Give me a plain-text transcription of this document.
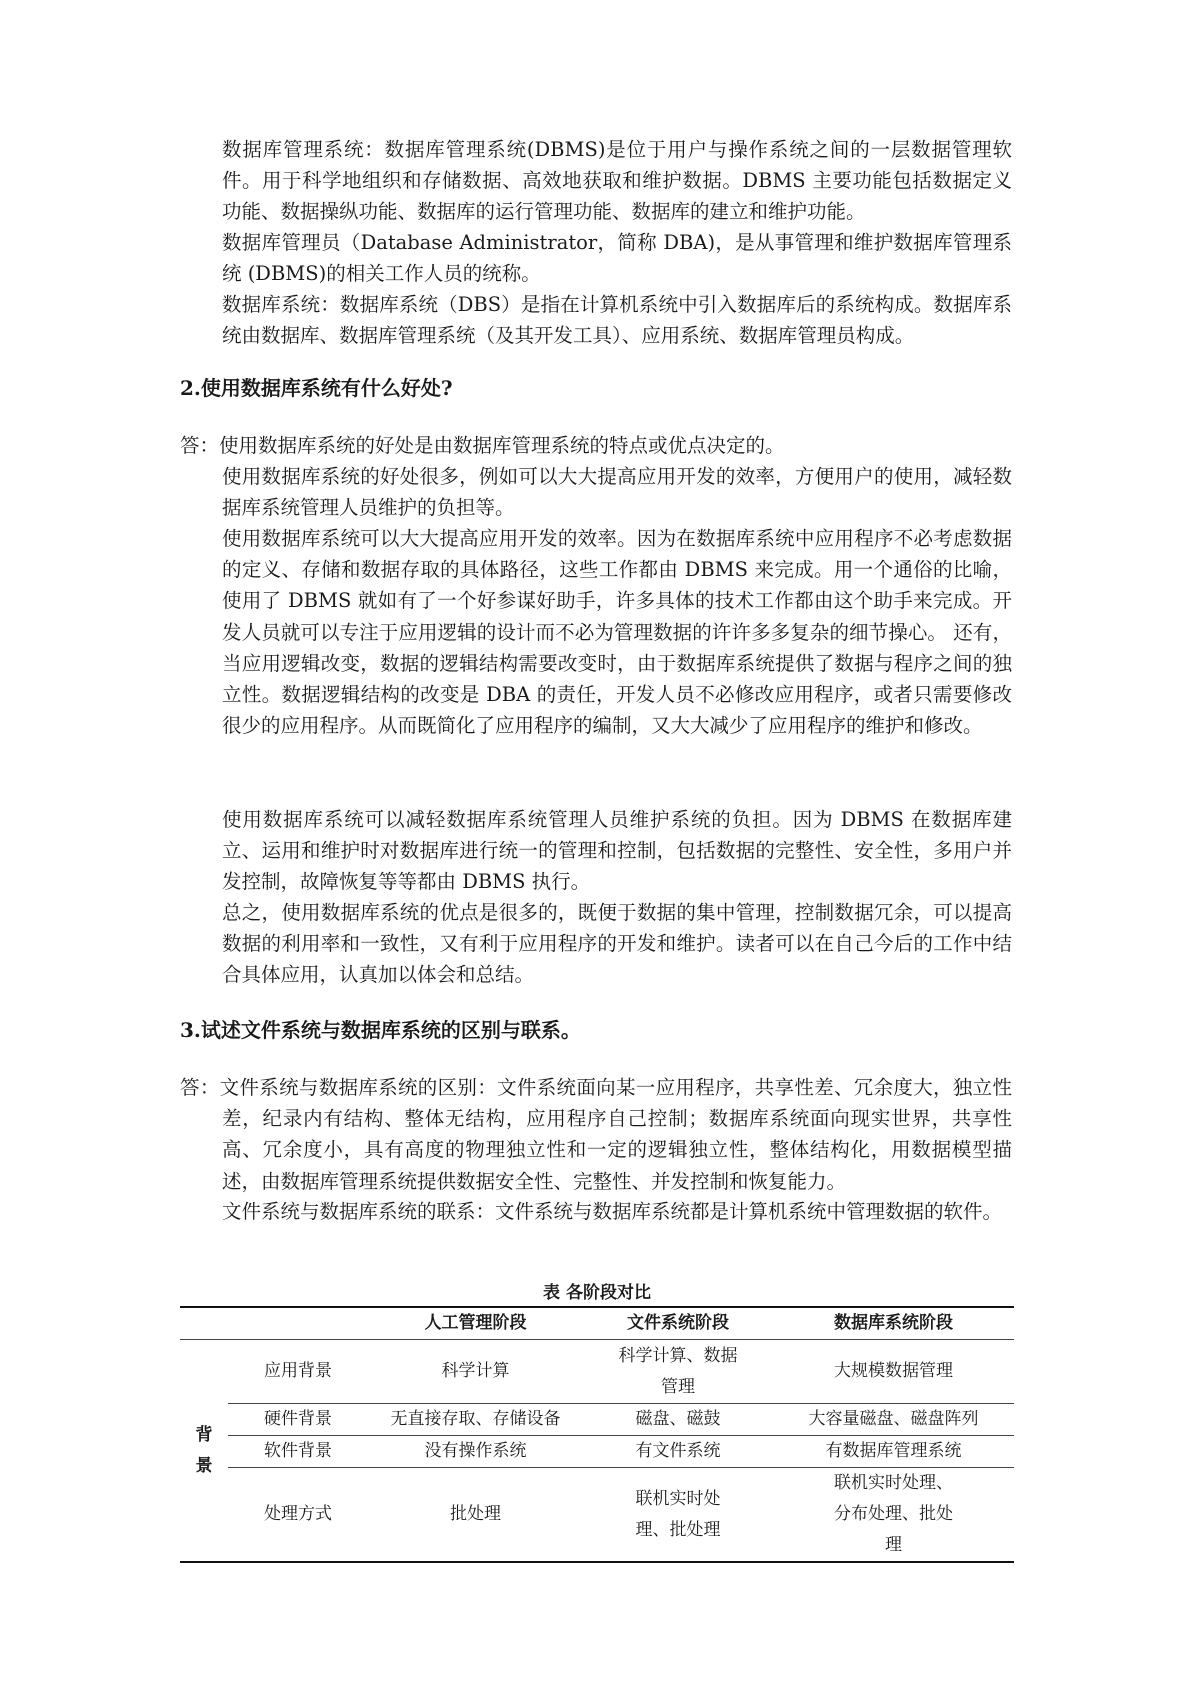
数据库管理系统：数据库管理系统(DBMS)是位于用户与操作系统之间的一层数据管理软件。用于科学地组织和存储数据、高效地获取和维护数据。DBMS 主要功能包括数据定义功能、数据操纵功能、数据库的运行管理功能、数据库的建立和维护功能。

数据库管理员（Database Administrator，简称 DBA)，是从事管理和维护数据库管理系统 (DBMS)的相关工作人员的统称。

数据库系统：数据库系统（DBS）是指在计算机系统中引入数据库后的系统构成。数据库系统由数据库、数据库管理系统（及其开发工具）、应用系统、数据库管理员构成。

2.使用数据库系统有什么好处?

答：使用数据库系统的好处是由数据库管理系统的特点或优点决定的。

使用数据库系统的好处很多，例如可以大大提高应用开发的效率，方便用户的使用，减轻数据库系统管理人员维护的负担等。

使用数据库系统可以大大提高应用开发的效率。因为在数据库系统中应用程序不必考虑数据的定义、存储和数据存取的具体路径，这些工作都由 DBMS 来完成。用一个通俗的比喻，使用了 DBMS 就如有了一个好参谋好助手，许多具体的技术工作都由这个助手来完成。开发人员就可以专注于应用逻辑的设计而不必为管理数据的许许多多复杂的细节操心。 还有，当应用逻辑改变，数据的逻辑结构需要改变时，由于数据库系统提供了数据与程序之间的独立性。数据逻辑结构的改变是 DBA 的责任，开发人员不必修改应用程序，或者只需要修改很少的应用程序。从而既简化了应用程序的编制，又大大减少了应用程序的维护和修改。

使用数据库系统可以减轻数据库系统管理人员维护系统的负担。因为 DBMS 在数据库建立、运用和维护时对数据库进行统一的管理和控制，包括数据的完整性、安全性，多用户并发控制，故障恢复等等都由 DBMS 执行。

总之，使用数据库系统的优点是很多的，既便于数据的集中管理，控制数据冗余，可以提高数据的利用率和一致性，又有利于应用程序的开发和维护。读者可以在自己今后的工作中结合具体应用，认真加以体会和总结。

3.试述文件系统与数据库系统的区别与联系。

答：文件系统与数据库系统的区别：文件系统面向某一应用程序，共享性差、冗余度大，独立性差，纪录内有结构、整体无结构，应用程序自己控制；数据库系统面向现实世界，共享性高、冗余度小，具有高度的物理独立性和一定的逻辑独立性，整体结构化，用数据模型描述，由数据库管理系统提供数据安全性、完整性、并发控制和恢复能力。

文件系统与数据库系统的联系：文件系统与数据库系统都是计算机系统中管理数据的软件。

表 各阶段对比
		人工管理阶段	文件系统阶段	数据库系统阶段

背
景	应用背景	科学计算	科学计算、数据管理	大规模数据管理
	硬件背景	无直接存取、存储设备	磁盘、磁鼓	大容量磁盘、磁盘阵列
	软件背景	没有操作系统	有文件系统	有数据库管理系统
	处理方式	批处理	联机实时处理、批处理	联机实时处理、分布处理、批处理
